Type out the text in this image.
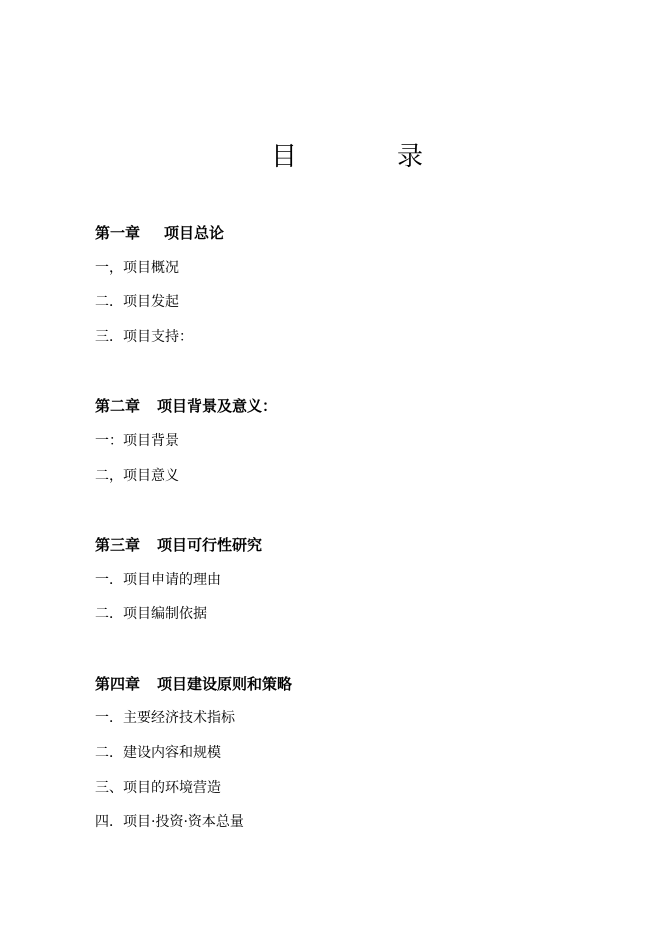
目	录
第一章 项目总论
一，项目概况
二．项目发起
三．项目支持：
第二章 项目背景及意义：
一：项目背景
二，项目意义
第三章 项目可行性研究
一．项目申请的理由
二．项目编制依据
第四章 项目建设原则和策略
一．主要经济技术指标
二．建设内容和规模
三、项目的环境营造
四．项目·投资·资本总量
